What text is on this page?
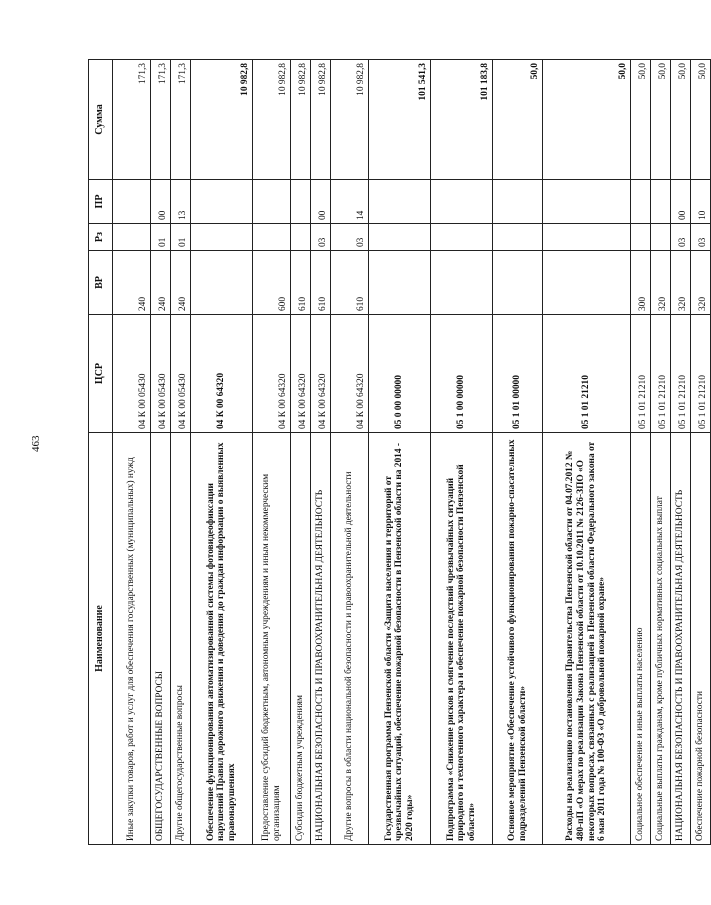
463
Наименование	ЦСР	ВР	Рз	ПР	Сумма
Иные закупки товаров, работ и услуг для обеспечения государственных (муниципальных) нужд	04 К 00 05430	240			171,3
ОБЩЕГОСУДАРСТВЕННЫЕ ВОПРОСЫ	04 К 00 05430	240	01	00	171,3
Другие общегосударственные вопросы	04 К 00 05430	240	01	13	171,3
Обеспечение функционирования автоматизированной системы фотовидеофиксации нарушений Правил дорожного движения и доведения до граждан информации о выявленных правонарушениях	04 К 00 64320				10 982,8
Предоставление субсидий бюджетным, автономным учреждениям и иным некоммерческим организациям	04 К 00 64320	600			10 982,8
Субсидии бюджетным учреждениям	04 К 00 64320	610			10 982,8
НАЦИОНАЛЬНАЯ БЕЗОПАСНОСТЬ И ПРАВООХРАНИТЕЛЬНАЯ ДЕЯТЕЛЬНОСТЬ	04 К 00 64320	610	03	00	10 982,8
Другие вопросы в области национальной безопасности и правоохранительной деятельности	04 К 00 64320	610	03	14	10 982,8
Государственная программа Пензенской области «Защита населения и территорий от чрезвычайных ситуаций, обеспечение пожарной безопасности в Пензенской области на 2014 - 2020 годы»	05 0 00 00000				101 541,3
Подпрограмма «Снижение рисков и смягчение последствий чрезвычайных ситуаций природного и техногенного характера и обеспечение пожарной безопасности Пензенской области»	05 1 00 00000				101 183,8
Основное мероприятие «Обеспечение устойчивого функционирования пожарно-спасательных подразделений Пензенской области»	05 1 01 00000				50,0
Расходы на реализацию постановления Правительства Пензенской области от 04.07.2012 № 480-пП «О мерах по реализации Закона Пензенской области от 10.10.2011 № 2126-ЗПО «О некоторых вопросах, связанных с реализацией в Пензенской области Федерального закона от 6 мая 2011 года № 100-ФЗ «О добровольной пожарной охране»	05 1 01 21210				50,0
Социальное обеспечение и иные выплаты населению	05 1 01 21210	300			50,0
Социальные выплаты гражданам, кроме публичных нормативных социальных выплат	05 1 01 21210	320			50,0
НАЦИОНАЛЬНАЯ БЕЗОПАСНОСТЬ И ПРАВООХРАНИТЕЛЬНАЯ ДЕЯТЕЛЬНОСТЬ	05 1 01 21210	320	03	00	50,0
Обеспечение пожарной безопасности	05 1 01 21210	320	03	10	50,0
